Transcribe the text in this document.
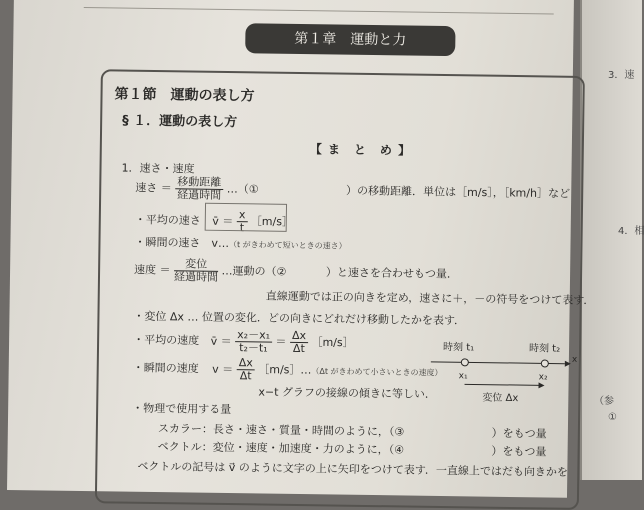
3．速
4．相
（参
①
第１章　運動と力
第１節　運動の表し方
§ １．運動の表し方
【 ま　と　め 】
1．速さ・速度
速さ ＝ $\frac{\text{移動距離}}{\text{経過時間}}$ …（①	）の移動距離．単位は［m/s］，［km/h］など
・平均の速さ v̄ ＝ $\frac{x}{t}$ ［m/s］
・瞬間の速さ　v…（t がきわめて短いときの速さ）
速度 ＝ $\frac{\text{変位}}{\text{経過時間}}$ …運動の（②	）と速さを合わせもつ量．
直線運動では正の向きを定め，速さに＋，－の符号をつけて表す．
・変位 Δx … 位置の変化．どの向きにどれだけ移動したかを表す．
・平均の速度 v̄ ＝ $\frac{\text{x₂－x₁}}{\text{t₂－t₁}} = \frac{\Delta x}{\Delta t}$ ［m/s］
・瞬間の速度 $v = \frac{\Delta x}{\Delta t}$ ［m/s］…（Δt がきわめて小さいときの速度）
x−t グラフの接線の傾きに等しい．
時刻 t₁	時刻 t₂
x
x₁	x₂
変位 Δx
・物理で使用する量
スカラー：長さ・速さ・質量・時間のように，（③	）をもつ量
ベクトル：変位・速度・加速度・力のように，（④	）をもつ量
ベクトルの記号は v⃗ のように文字の上に矢印をつけて表す．一直線上ではだも向きかを
